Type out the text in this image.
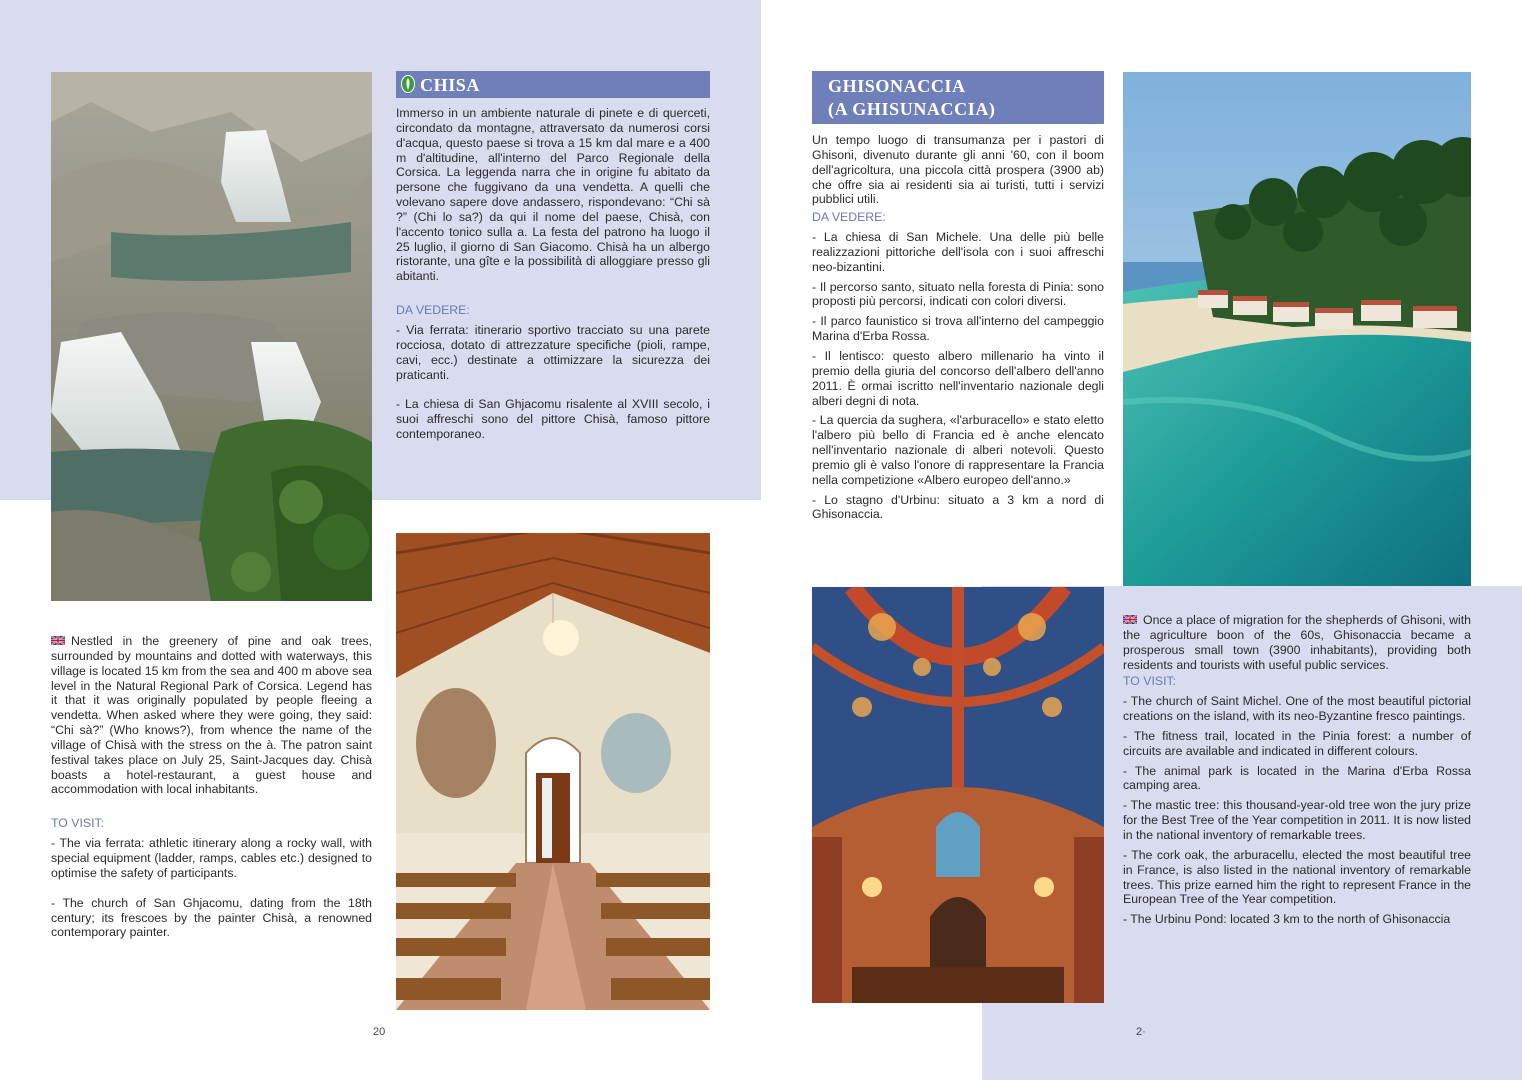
CHISA

Immerso in un ambiente naturale di pinete e di querceti, circondato da montagne, attraversato da numerosi corsi d'acqua, questo paese si trova a 15 km dal mare e a 400 m d'altitudine, all'interno del Parco Regionale della Corsica. La leggenda narra che in origine fu abitato da persone che fuggivano da una vendetta. A quelli che volevano sapere dove andassero, rispondevano: “Chi sà ?” (Chi lo sa?) da qui il nome del paese, Chisà, con l'accento tonico sulla a. La festa del patrono ha luogo il 25 luglio, il giorno di San Giacomo. Chisà ha un albergo ristorante, una gîte e la possibilità di alloggiare presso gli abitanti.

DA VEDERE:

- Via ferrata: itinerario sportivo tracciato su una parete rocciosa, dotato di attrezzature specifiche (pioli, rampe, cavi, ecc.) destinate a ottimizzare la sicurezza dei praticanti.

- La chiesa di San Ghjacomu risalente al XVIII secolo, i suoi affreschi sono del pittore Chisà, famoso pittore contemporaneo.

Nestled in the greenery of pine and oak trees, surrounded by mountains and dotted with waterways, this village is located 15 km from the sea and 400 m above sea level in the Natural Regional Park of Corsica. Legend has it that it was originally populated by people fleeing a vendetta. When asked where they were going, they said: “Chi sà?” (Who knows?), from whence the name of the village of Chisà with the stress on the à. The patron saint festival takes place on July 25, Saint-Jacques day. Chisà boasts a hotel-restaurant, a guest house and accommodation with local inhabitants.

TO VISIT:

- The via ferrata: athletic itinerary along a rocky wall, with special equipment (ladder, ramps, cables etc.) designed to optimise the safety of participants.

- The church of San Ghjacomu, dating from the 18th century; its frescoes by the painter Chisà, a renowned contemporary painter.

20
GHISONACCIA
(A GHISUNACCIA)

Un tempo luogo di transumanza per i pastori di Ghisoni, divenuto durante gli anni '60, con il boom dell'agricoltura, una piccola città prospera (3900 ab) che offre sia ai residenti sia ai turisti, tutti i servizi pubblici utili.

DA VEDERE:

- La chiesa di San Michele. Una delle più belle realizzazioni pittoriche dell'isola con i suoi affreschi neo-bizantini.

- Il percorso santo, situato nella foresta di Pinia: sono proposti più percorsi, indicati con colori diversi.

- Il parco faunistico si trova all'interno del campeggio Marina d'Erba Rossa.

- Il lentisco: questo albero millenario ha vinto il premio della giuria del concorso dell'albero dell'anno 2011. È ormai iscritto nell'inventario nazionale degli alberi degni di nota.

- La quercia da sughera, «l'arburacello» e stato eletto l'albero più bello di Francia ed è anche elencato nell'inventario nazionale di alberi notevoli. Questo premio gli è valso l'onore di rappresentare la Francia nella competizione «Albero europeo dell'anno.»

- Lo stagno d'Urbinu: situato a 3 km a nord di Ghisonaccia.

Once a place of migration for the shepherds of Ghisoni, with the agriculture boon of the 60s, Ghisonaccia became a prosperous small town (3900 inhabitants), providing both residents and tourists with useful public services.

TO VISIT:

- The church of Saint Michel. One of the most beautiful pictorial creations on the island, with its neo-Byzantine fresco paintings.

- The fitness trail, located in the Pinia forest: a number of circuits are available and indicated in different colours.

- The animal park is located in the Marina d'Erba Rossa camping area.

- The mastic tree: this thousand-year-old tree won the jury prize for the Best Tree of the Year competition in 2011. It is now listed in the national inventory of remarkable trees.

- The cork oak, the arburacellu, elected the most beautiful tree in France, is also listed in the national inventory of remarkable trees. This prize earned him the right to represent France in the European Tree of the Year competition.

- The Urbinu Pond: located 3 km to the north of Ghisonaccia

2·
